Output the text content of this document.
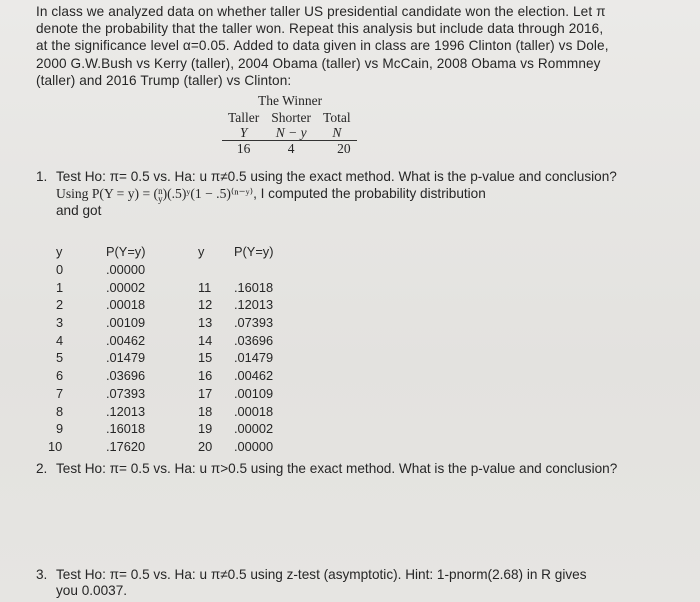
In class we analyzed data on whether taller US presidential candidate won the election. Let π
denote the probability that the taller won. Repeat this analysis but include data through 2016,
at the significance level α=0.05. Added to data given in class are 1996 Clinton (taller) vs Dole,
2000 G.W.Bush vs Kerry (taller), 2004 Obama (taller) vs McCain, 2008 Obama vs Rommney
(taller) and 2016 Trump (taller) vs Clinton:
The Winner
Taller	Shorter	Total
Y	N − y	N
16	4	20
1. Test Ho: π= 0.5 vs. Ha: u π≠0.5 using the exact method. What is the p-value and conclusion?
Using P(Y = y) = ( n
y )(.5)ʸ(1 − .5)⁽ⁿ⁻ʸ⁾, I computed the probability distribution
and got
y	P(Y=y)	y	P(Y=y)
0	.00000		
1	.00002	11	.16018
2	.00018	12	.12013
3	.00109	13	.07393
4	.00462	14	.03696
5	.01479	15	.01479
6	.03696	16	.00462
7	.07393	17	.00109
8	.12013	18	.00018
9	.16018	19	.00002
10	.17620	20	.00000
2. Test Ho: π= 0.5 vs. Ha: u π>0.5 using the exact method. What is the p-value and conclusion?
3. Test Ho: π= 0.5 vs. Ha: u π≠0.5 using z-test (asymptotic). Hint: 1-pnorm(2.68) in R gives
you 0.0037.
